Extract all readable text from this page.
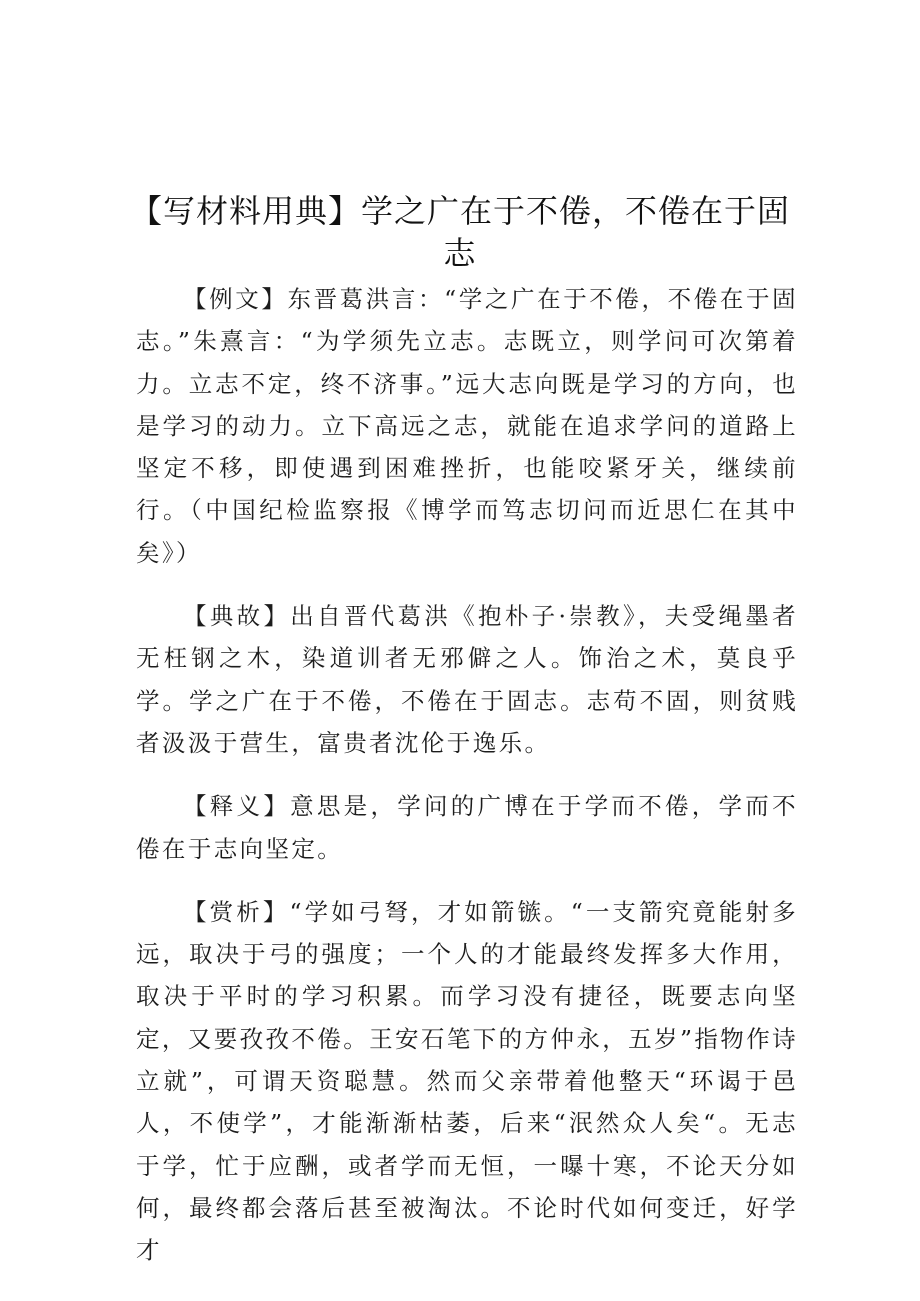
【写材料用典】学之广在于不倦，不倦在于固志

【例文】东晋葛洪言：“学之广在于不倦，不倦在于固志。”朱熹言：“为学须先立志。志既立，则学问可次第着力。立志不定，终不济事。”远大志向既是学习的方向，也是学习的动力。立下高远之志，就能在追求学问的道路上坚定不移，即使遇到困难挫折，也能咬紧牙关，继续前行。（中国纪检监察报《博学而笃志切问而近思仁在其中矣》）

【典故】出自晋代葛洪《抱朴子·崇教》，夫受绳墨者无枉钢之木，染道训者无邪僻之人。饰治之术，莫良乎学。学之广在于不倦，不倦在于固志。志苟不固，则贫贱者汲汲于营生，富贵者沈伦于逸乐。

【释义】意思是，学问的广博在于学而不倦，学而不倦在于志向坚定。

【赏析】“学如弓弩，才如箭镞。“一支箭究竟能射多远，取决于弓的强度；一个人的才能最终发挥多大作用，取决于平时的学习积累。而学习没有捷径，既要志向坚定，又要孜孜不倦。王安石笔下的方仲永，五岁”指物作诗立就”，可谓天资聪慧。然而父亲带着他整天“环谒于邑人，不使学”，才能渐渐枯萎，后来“泯然众人矣“。无志于学，忙于应酬，或者学而无恒，一曝十寒，不论天分如何，最终都会落后甚至被淘汰。不论时代如何变迁，好学才
